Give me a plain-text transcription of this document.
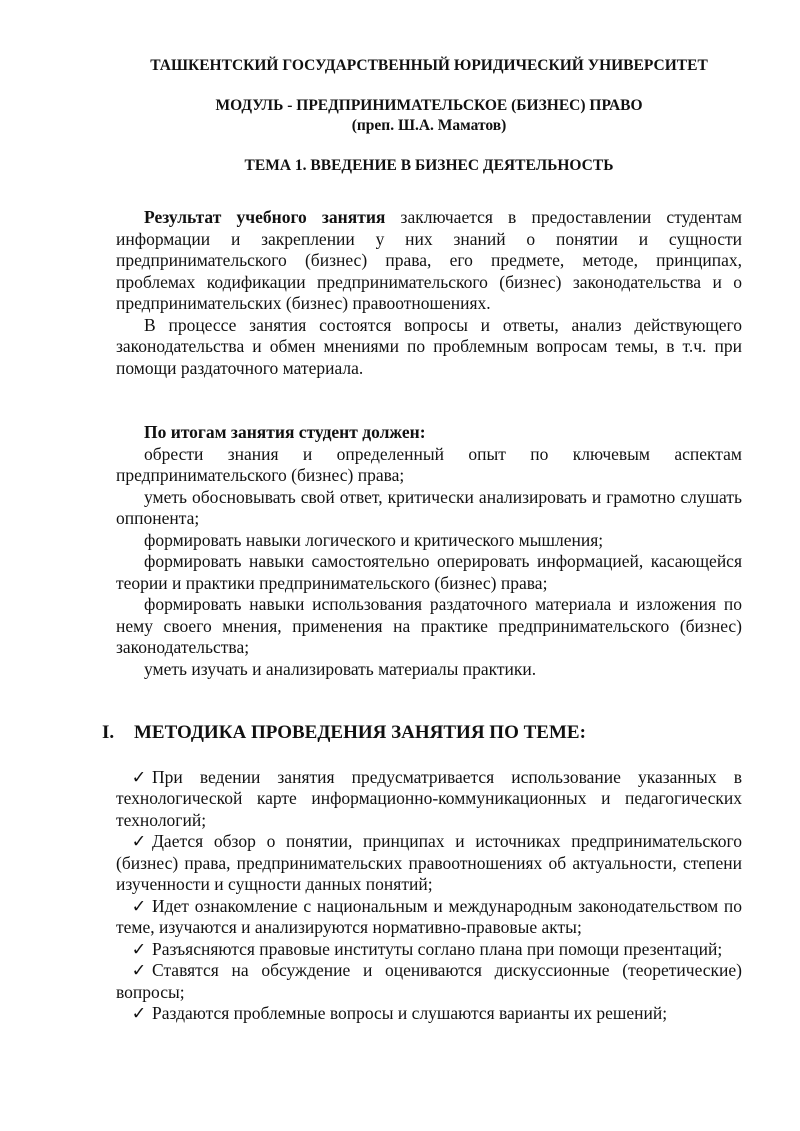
ТАШКЕНТСКИЙ ГОСУДАРСТВЕННЫЙ ЮРИДИЧЕСКИЙ УНИВЕРСИТЕТ
МОДУЛЬ - ПРЕДПРИНИМАТЕЛЬСКОЕ (БИЗНЕС) ПРАВО
(преп. Ш.А. Маматов)
ТЕМА 1. ВВЕДЕНИЕ В БИЗНЕС ДЕЯТЕЛЬНОСТЬ

Результат учебного занятия заключается в предоставлении студентам информации и закреплении у них знаний о понятии и сущности предпринимательского (бизнес) права, его предмете, методе, принципах, проблемах кодификации предпринимательского (бизнес) законодательства и о предпринимательских (бизнес) правоотношениях.

В процессе занятия состоятся вопросы и ответы, анализ действующего законодательства и обмен мнениями по проблемным вопросам темы, в т.ч. при помощи раздаточного материала.

По итогам занятия студент должен:

обрести знания и определенный опыт по ключевым аспектам предпринимательского (бизнес) права;

уметь обосновывать свой ответ, критически анализировать и грамотно слушать оппонента;

формировать навыки логического и критического мышления;

формировать навыки самостоятельно оперировать информацией, касающейся теории и практики предпринимательского (бизнес) права;

формировать навыки использования раздаточного материала и изложения по нему своего мнения, применения на практике предпринимательского (бизнес) законодательства;

уметь изучать и анализировать материалы практики.

I. МЕТОДИКА ПРОВЕДЕНИЯ ЗАНЯТИЯ ПО ТЕМЕ:
✓ При ведении занятия предусматривается использование указанных в технологической карте информационно-коммуникационных и педагогических технологий;
✓ Дается обзор о понятии, принципах и источниках предпринимательского (бизнес) права, предпринимательских правоотношениях об актуальности, степени изученности и сущности данных понятий;
✓ Идет ознакомление с национальным и международным законодательством по теме, изучаются и анализируются нормативно-правовые акты;
✓ Разъясняются правовые институты соглано плана при помощи презентаций;
✓ Ставятся на обсуждение и оцениваются дискуссионные (теоретические) вопросы;
✓ Раздаются проблемные вопросы и слушаются варианты их решений;
